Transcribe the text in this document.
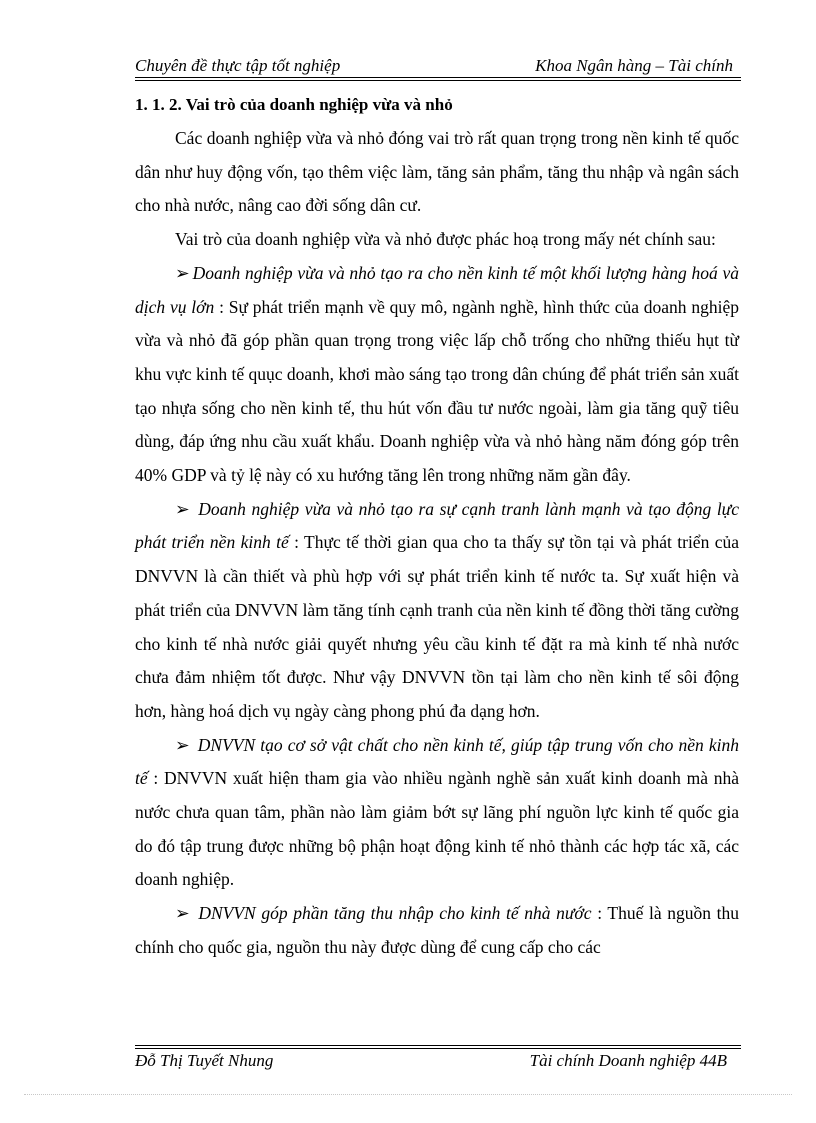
Chuyên đề thực tập tốt nghiệp	Khoa Ngân hàng – Tài chính
1. 1. 2. Vai trò của doanh nghiệp vừa và nhỏ

Các doanh nghiệp vừa và nhỏ đóng vai trò rất quan trọng trong nền kinh tế quốc dân như huy động vốn, tạo thêm việc làm, tăng sản phẩm, tăng thu nhập và ngân sách cho nhà nước, nâng cao đời sống dân cư.

Vai trò của doanh nghiệp vừa và nhỏ được phác hoạ trong mấy nét chính sau:

➢ Doanh nghiệp vừa và nhỏ tạo ra cho nền kinh tế một khối lượng hàng hoá và dịch vụ lớn : Sự phát triển mạnh về quy mô, ngành nghề, hình thức của doanh nghiệp vừa và nhỏ đã góp phần quan trọng trong việc lấp chỗ trống cho những thiếu hụt từ khu vực kinh tế quục doanh, khơi mào sáng tạo trong dân chúng để phát triển sản xuất tạo nhựa sống cho nền kinh tế, thu hút vốn đầu tư nước ngoài, làm gia tăng quỹ tiêu dùng, đáp ứng nhu cầu xuất khẩu. Doanh nghiệp vừa và nhỏ hàng năm đóng góp trên 40% GDP và tỷ lệ này có xu hướng tăng lên trong những năm gần đây.

➢ Doanh nghiệp vừa và nhỏ tạo ra sự cạnh tranh lành mạnh và tạo động lực phát triển nền kinh tế : Thực tế thời gian qua cho ta thấy sự tồn tại và phát triển của DNVVN là cần thiết và phù hợp với sự phát triển kinh tế nước ta. Sự xuất hiện và phát triển của DNVVN làm tăng tính cạnh tranh của nền kinh tế đồng thời tăng cường cho kinh tế nhà nước giải quyết nhưng yêu cầu kinh tế đặt ra mà kinh tế nhà nước chưa đảm nhiệm tốt được. Như vậy DNVVN tồn tại làm cho nền kinh tế sôi động hơn, hàng hoá dịch vụ ngày càng phong phú đa dạng hơn.

➢ DNVVN tạo cơ sở vật chất cho nền kinh tế, giúp tập trung vốn cho nền kinh tế : DNVVN xuất hiện tham gia vào nhiều ngành nghề sản xuất kinh doanh mà nhà nước chưa quan tâm, phần nào làm giảm bớt sự lãng phí nguồn lực kinh tế quốc gia do đó tập trung được những bộ phận hoạt động kinh tế nhỏ thành các hợp tác xã, các doanh nghiệp.

➢ DNVVN góp phần tăng thu nhập cho kinh tế nhà nước : Thuế là nguồn thu chính cho quốc gia, nguồn thu này được dùng để cung cấp cho các

Đỗ Thị Tuyết Nhung	Tài chính Doanh nghiệp 44B
